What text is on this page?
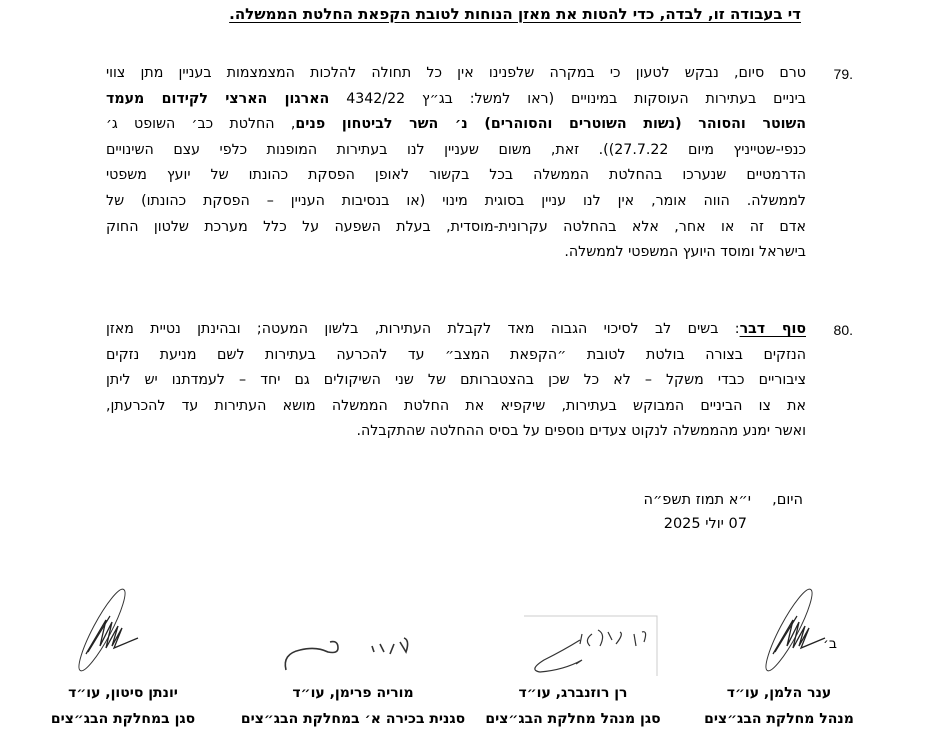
די בעבודה זו, לבדה, כדי להטות את מאזן הנוחות לטובת הקפאת החלטת הממשלה.
79.
טרם סיום, נבקש לטעון כי במקרה שלפנינו אין כל תחולה להלכות המצמצמות בעניין מתן צווי
ביניים בעתירות העוסקות במינויים (ראו למשל: בג״ץ 4342/22 הארגון הארצי לקידום מעמד
השוטר והסוהר (נשות השוטרים והסוהרים) נ׳ השר לביטחון פנים, החלטת כב׳ השופט ג׳
כנפי-שטייניץ מיום 27.7.22)). זאת, משום שעניין לנו בעתירות המופנות כלפי עצם השינויים
הדרמטיים שנערכו בהחלטת הממשלה בכל בקשור לאופן הפסקת כהונתו של יועץ משפטי
לממשלה. הווה אומר, אין לנו עניין בסוגית מינוי (או בנסיבות העניין – הפסקת כהונתו) של
אדם זה או אחר, אלא בהחלטה עקרונית-מוסדית, בעלת השפעה על כלל מערכת שלטון החוק
בישראל ומוסד היועץ המשפטי לממשלה.
80.
סוף דבר: בשים לב לסיכוי הגבוה מאד לקבלת העתירות, בלשון המעטה; ובהינתן נטיית מאזן
הנזקים בצורה בולטת לטובת ״הקפאת המצב״ עד להכרעה בעתירות לשם מניעת נזקים
ציבוריים כבדי משקל – לא כל שכן בהצטברותם של שני השיקולים גם יחד – לעמדתנו יש ליתן
את צו הביניים המבוקש בעתירות, שיקפיא את החלטת הממשלה מושא העתירות עד להכרעתן,
ואשר ימנע מהממשלה לנקוט צעדים נוספים על בסיס ההחלטה שהתקבלה.
היום,
י״א תמוז תשפ״ה
07 יולי 2025
ב׳
ענר הלמן, עו״ד
מנהל מחלקת הבג״צים
רן רוזנברג, עו״ד
סגן מנהל מחלקת הבג״צים
מוריה פרימן, עו״ד
סגנית בכירה א׳ במחלקת הבג״צים
יונתן סיטון, עו״ד
סגן במחלקת הבג״צים
